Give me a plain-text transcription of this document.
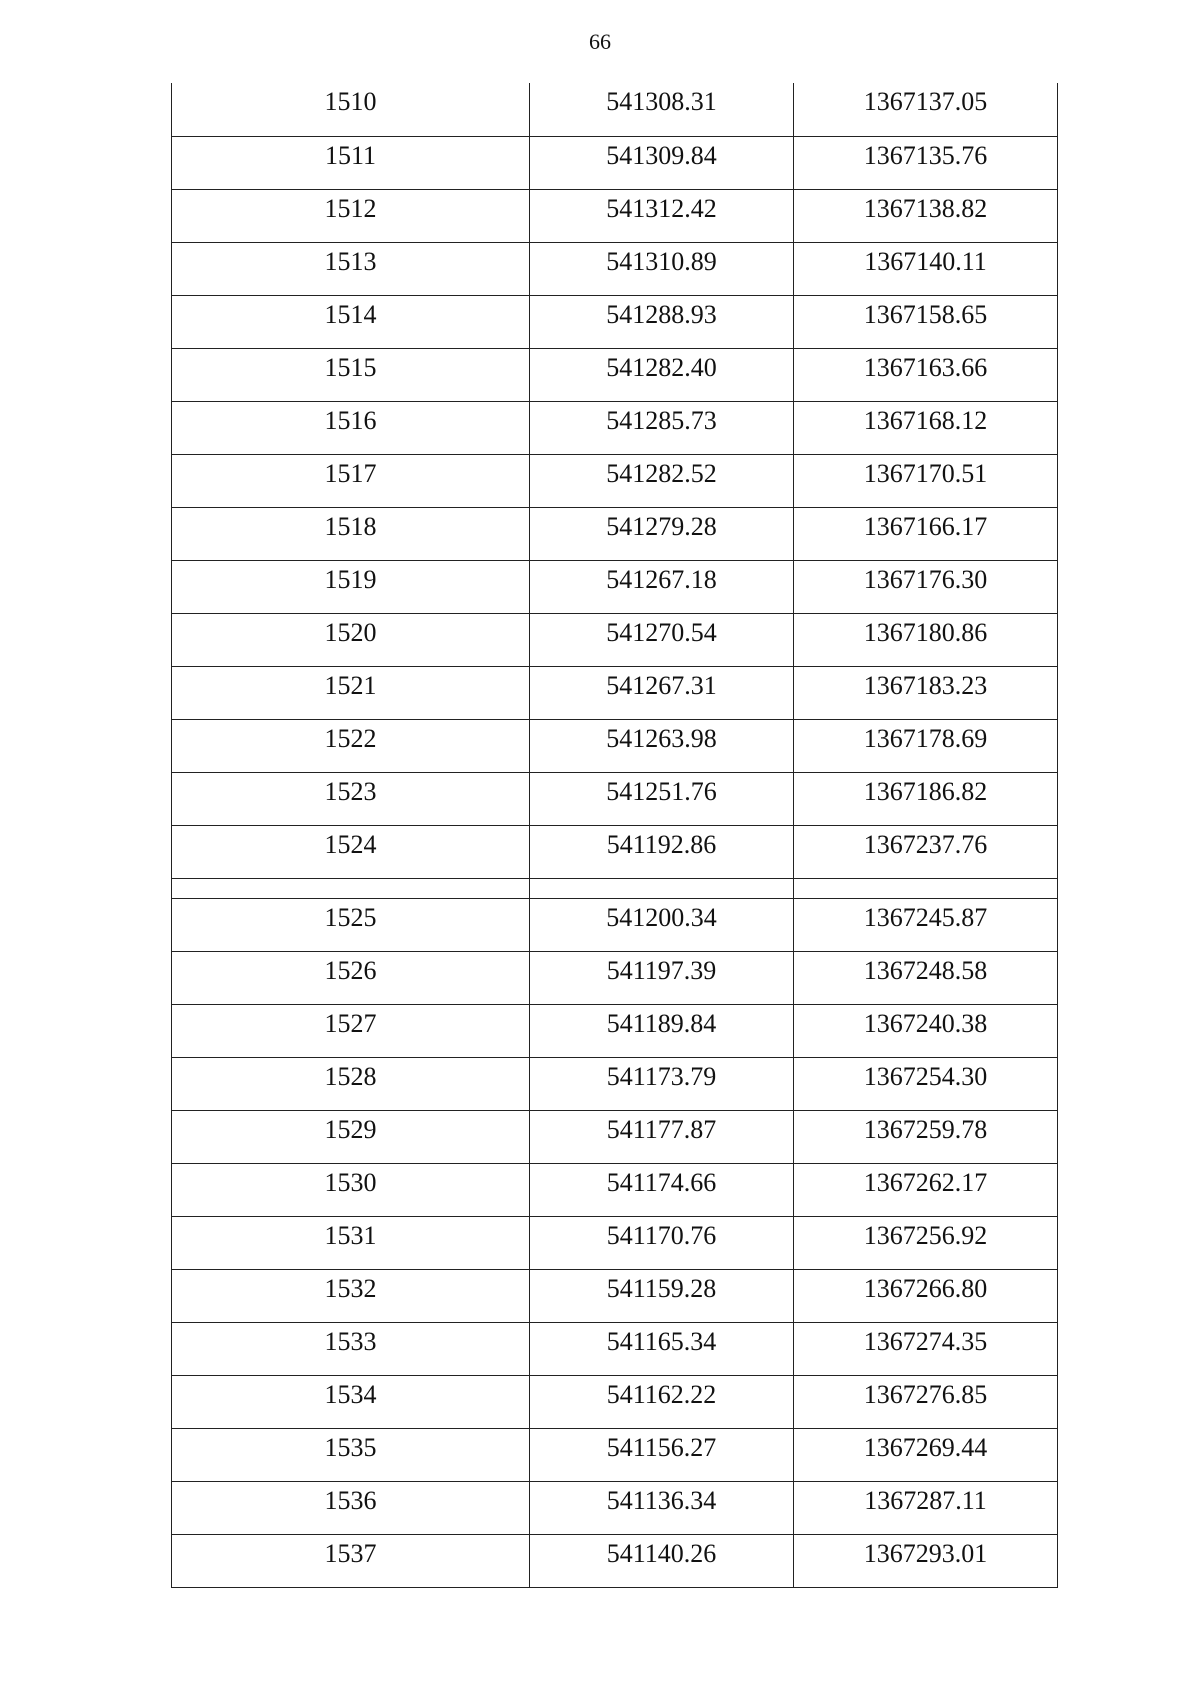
66
1510	541308.31	1367137.05
1511	541309.84	1367135.76
1512	541312.42	1367138.82
1513	541310.89	1367140.11
1514	541288.93	1367158.65
1515	541282.40	1367163.66
1516	541285.73	1367168.12
1517	541282.52	1367170.51
1518	541279.28	1367166.17
1519	541267.18	1367176.30
1520	541270.54	1367180.86
1521	541267.31	1367183.23
1522	541263.98	1367178.69
1523	541251.76	1367186.82
1524	541192.86	1367237.76

1525	541200.34	1367245.87
1526	541197.39	1367248.58
1527	541189.84	1367240.38
1528	541173.79	1367254.30
1529	541177.87	1367259.78
1530	541174.66	1367262.17
1531	541170.76	1367256.92
1532	541159.28	1367266.80
1533	541165.34	1367274.35
1534	541162.22	1367276.85
1535	541156.27	1367269.44
1536	541136.34	1367287.11
1537	541140.26	1367293.01
